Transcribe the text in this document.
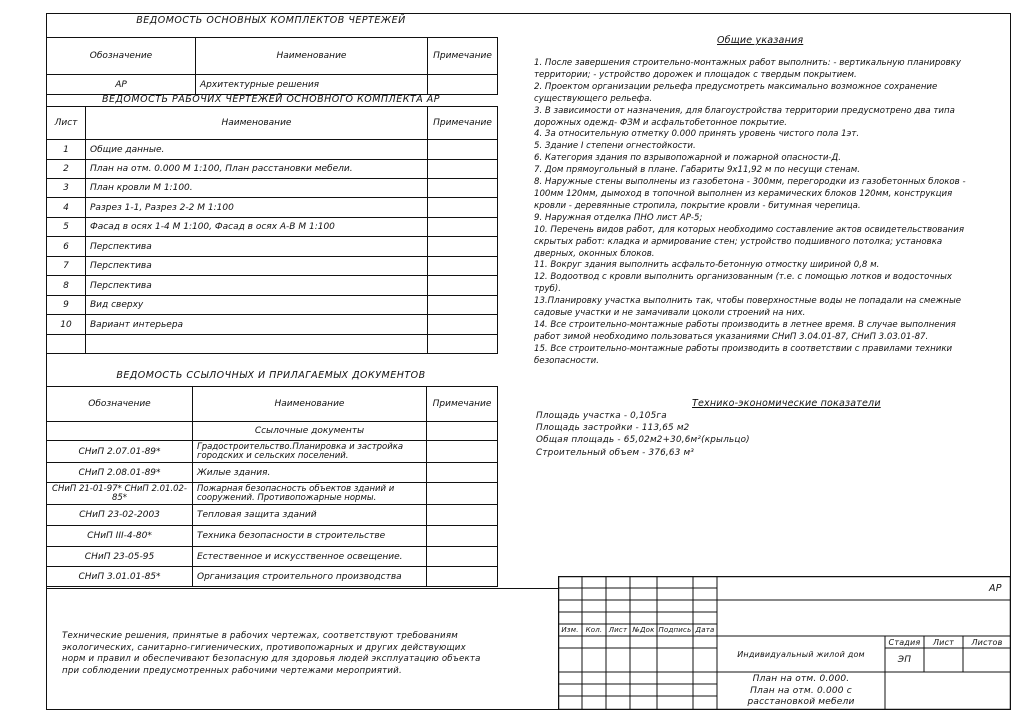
ВЕДОМОСТЬ ОСНОВНЫХ КОМПЛЕКТОВ ЧЕРТЕЖЕЙ
Обозначение	Наименование	Примечание
АР	Архитектурные решения	
ВЕДОМОСТЬ РАБОЧИХ ЧЕРТЕЖЕЙ ОСНОВНОГО КОМПЛЕКТА АР
Лист	Наименование	Примечание
1	Общие данные.	
2	План на отм. 0.000 М 1:100, План расстановки мебели.	
3	План кровли М 1:100.	
4	Разрез 1-1, Разрез 2-2 М 1:100	
5	Фасад в осях 1-4 М 1:100, Фасад в осях А-В М 1:100	
6	Перспектива	
7	Перспектива	
8	Перспектива	
9	Вид сверху	
10	Вариант интерьера	

ВЕДОМОСТЬ ССЫЛОЧНЫХ И ПРИЛАГАЕМЫХ ДОКУМЕНТОВ
Обозначение	Наименование	Примечание
	Ссылочные документы	
СНиП 2.07.01-89*	Градостроительство.Планировка и застройка городских и сельских поселений.	
СНиП 2.08.01-89*	Жилые здания.	
СНиП 21-01-97* СНиП 2.01.02-85*	Пожарная безопасность объектов зданий и сооружений. Противопожарные нормы.	
СНиП 23-02-2003	Тепловая защита зданий	
СНиП III-4-80*	Техника безопасности в строительстве	
СНиП 23-05-95	Естественное и искусственное освещение.	
СНиП 3.01.01-85*	Организация строительного производства	
Технические решения, принятые в рабочих чертежах, соответствуют требованиям экологических, санитарно-гигиенических, противопожарных и других действующих норм и правил и обеспечивают безопасную для здоровья людей эксплуатацию объекта при соблюдении предусмотренных рабочими чертежами мероприятий.
Общие указания

1. После завершения строительно-монтажных работ выполнить: - вертикальную планировку территории; - устройство дорожек и площадок с твердым покрытием.

2. Проектом организации рельефа предусмотреть максимально возможное сохранение существующего рельефа.

3. В зависимости от назначения, для благоустройства территории предусмотрено два типа дорожных одежд- ФЗМ и асфальтобетонное покрытие.

4. За относительную отметку 0.000 принять уровень чистого пола 1эт.

5. Здание I степени огнестойкости.

6. Категория здания по взрывопожарной и пожарной опасности-Д.

7. Дом прямоугольный в плане. Габариты 9х11,92 м по несущи стенам.

8. Наружные стены выполнены из газобетона - 300мм, перегородки из газобетонных блоков - 100мм 120мм, дымоход в топочной выполнен из керамических блоков 120мм, конструкция кровли - деревянные стропила, покрытие кровли - битумная черепица.

9. Наружная отделка ПНО лист АР-5;

10. Перечень видов работ, для которых необходимо составление актов освидетельствования скрытых работ: кладка и армирование стен; устройство подшивного потолка; установка дверных, оконных блоков.

11. Вокруг здания выполнить асфальто-бетонную отмостку шириной 0,8 м.

12. Водоотвод с кровли выполнить организованным (т.е. с помощью лотков и водосточных труб).

13.Планировку участка выполнить так, чтобы поверхностные воды не попадали на смежные садовые участки и не замачивали цоколи строений на них.

14. Все строительно-монтажные работы производить в летнее время. В случае выполнения работ зимой необходимо пользоваться указаниями СНиП 3.04.01-87, СНиП 3.03.01-87.

15. Все строительно-монтажные работы производить в соответствии с правилами техники безопасности.

Технико-экономические показатели
Площадь участка - 0,105га
Площадь застройки - 113,65 м2
Общая площадь - 65,02м2+30,6м²(крыльцо)
Строительный объем - 376,63 м³
АР
Изм. Кол. Лист №Док Подпись Дата
Индивидуальный жилой дом
Стадия	Лист	Листов
ЭП
План на отм. 0.000.
План на отм. 0.000 с
расстановкой мебели
